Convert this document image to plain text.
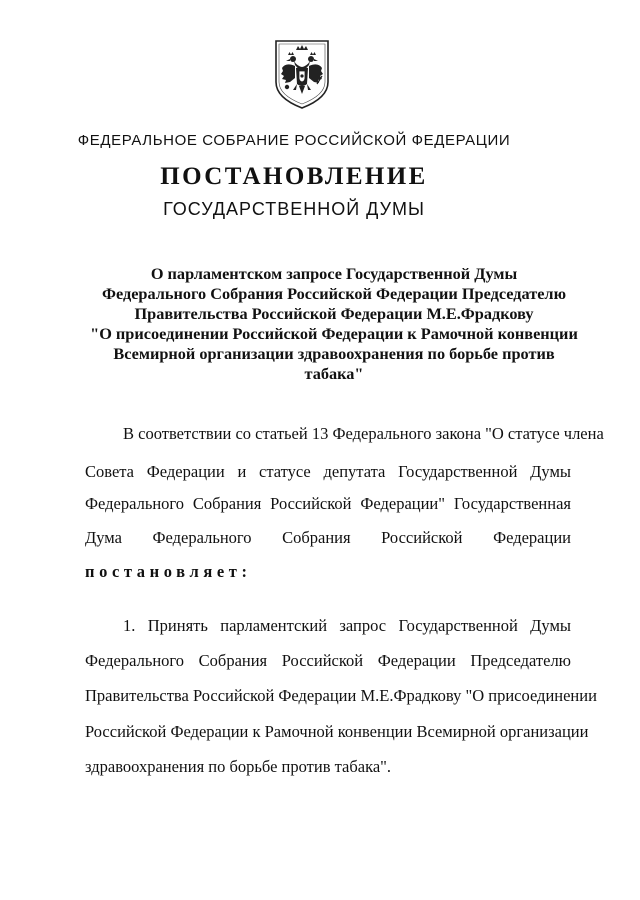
ФЕДЕРАЛЬНОЕ СОБРАНИЕ РОССИЙСКОЙ ФЕДЕРАЦИИ
ПОСТАНОВЛЕНИЕ
ГОСУДАРСТВЕННОЙ ДУМЫ
О парламентском запросе Государственной Думы
Федерального Собрания Российской Федерации Председателю
Правительства Российской Федерации М.Е.Фрадкову
"О присоединении Российской Федерации к Рамочной конвенции
Всемирной организации здравоохранения по борьбе против
табака"
В соответствии со статьей 13 Федерального закона "О статусе члена
Совета Федерации и статусе депутата Государственной Думы
Федерального Собрания Российской Федерации" Государственная
Дума Федерального Собрания Российской Федерации
постановляет:
1. Принять парламентский запрос Государственной Думы
Федерального Собрания Российской Федерации Председателю
Правительства Российской Федерации М.Е.Фрадкову "О присоединении
Российской Федерации к Рамочной конвенции Всемирной организации
здравоохранения по борьбе против табака".
